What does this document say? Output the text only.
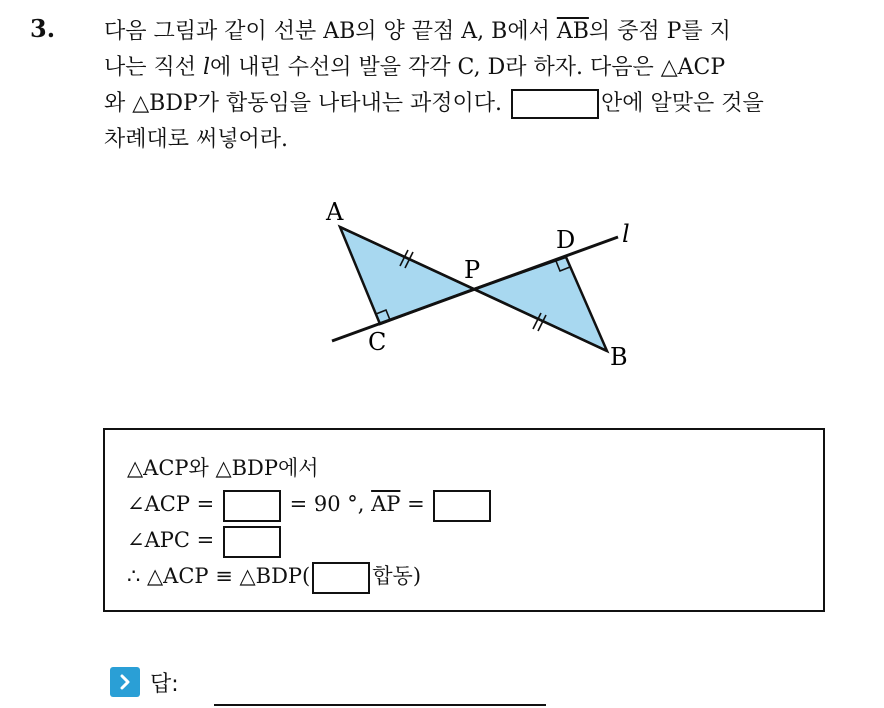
3. 다음 그림과 같이 선분 AB의 양 끝점 A, B에서 $\overline{AB}$의 중점 P를 지
나는 직선 l에 내린 수선의 발을 각각 C, D라 하자. 다음은 △ACP
와 △BDP가 합동임을 나타내는 과정이다.	안에 알맞은 것을
차례대로 써넣어라.
A
B
C
D
P
l
△ACP와 △BDP에서
∠ACP =	= 90 °, $\overline{AP}$ =
∠APC =
∴ △ACP ≡ △BDP(	합동)
답:
